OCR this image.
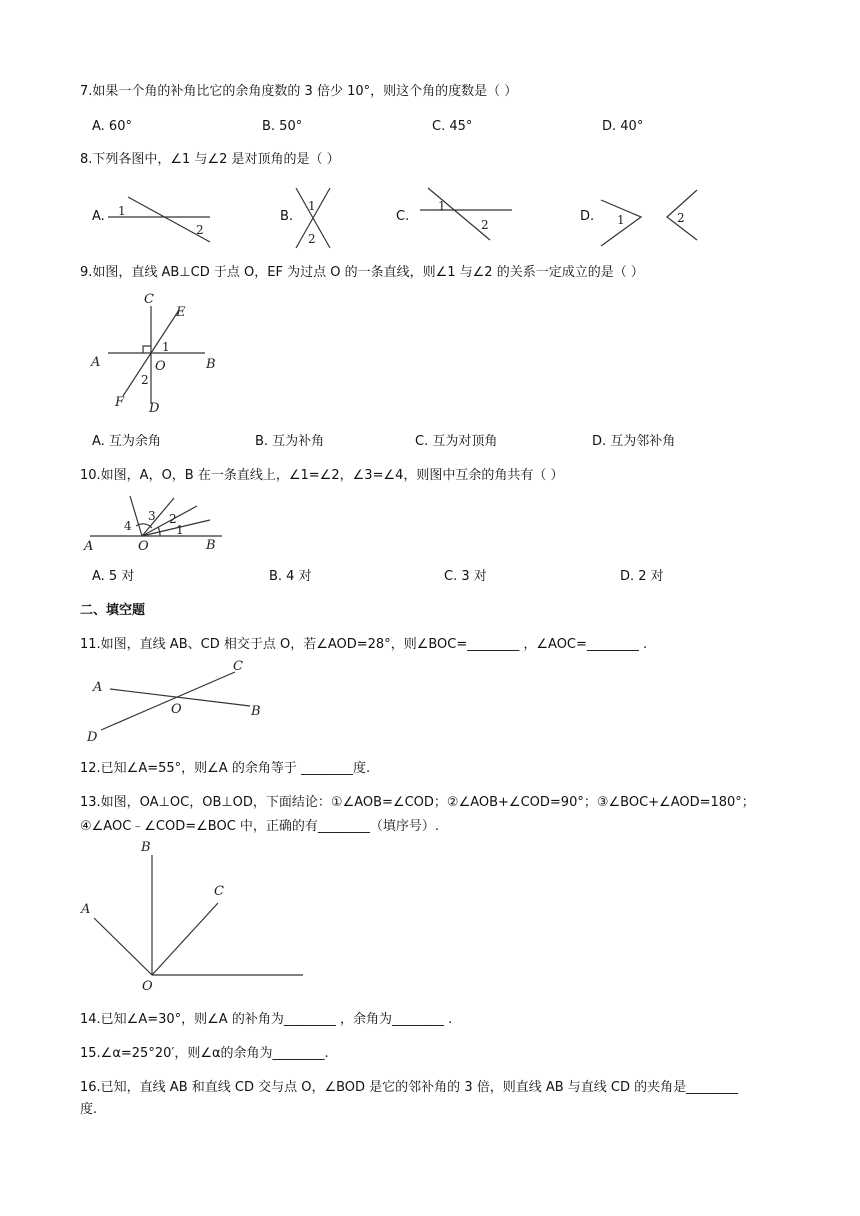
7.如果一个角的补角比它的余角度数的 3 倍少 10°，则这个角的度数是（ ）
A. 60°	B. 50°	C. 45°	D. 40°
8.下列各图中，∠1 与∠2 是对顶角的是（ ）
A.	B.	C.	D.
1
2
1
2
1
2	1	2
9.如图，直线 AB⊥CD 于点 O，EF 为过点 O 的一条直线，则∠1 与∠2 的关系一定成立的是（ ）
A	B
C
D
E
F
O
1
2
A. 互为余角	B. 互为补角	C. 互为对顶角	D. 互为邻补角
10.如图，A，O，B 在一条直线上，∠1=∠2，∠3=∠4，则图中互余的角共有（ ）
A	O	B
1
2
3
4
A. 5 对	B. 4 对	C. 3 对	D. 2 对
二、填空题
11.如图，直线 AB、CD 相交于点 O，若∠AOD=28°，则∠BOC=________ ，∠AOC=________ .
A
B
C
D
O
12.已知∠A=55°，则∠A 的余角等于 ________度.
13.如图，OA⊥OC，OB⊥OD，下面结论：①∠AOB=∠COD；②∠AOB+∠COD=90°；③∠BOC+∠AOD=180°；
④∠AOC﹣∠COD=∠BOC 中，正确的有________（填序号）.
B
A
C
O
14.已知∠A=30°，则∠A 的补角为________ ，余角为________ .
15.∠α=25°20′，则∠α的余角为________.
16.已知，直线 AB 和直线 CD 交与点 O，∠BOD 是它的邻补角的 3 倍，则直线 AB 与直线 CD 的夹角是________
度.
